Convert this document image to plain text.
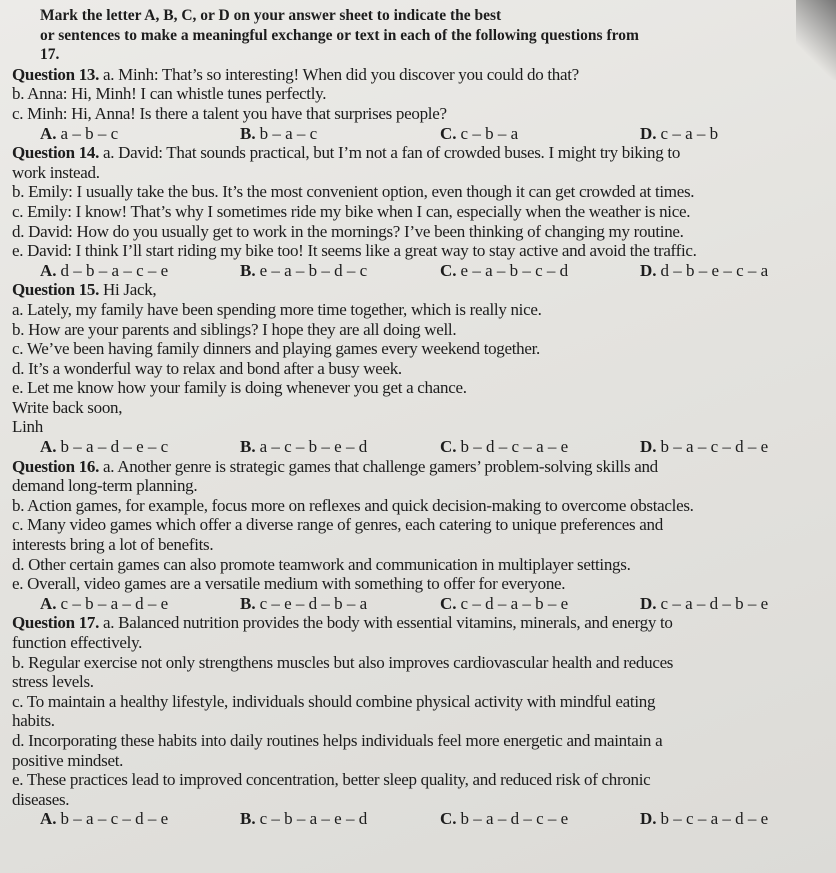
Mark the letter A, B, C, or D on your answer sheet to indicate the best
or sentences to make a meaningful exchange or text in each of the following questions from
17.
Question 13. a. Minh: That’s so interesting! When did you discover you could do that?
b. Anna: Hi, Minh! I can whistle tunes perfectly.
c. Minh: Hi, Anna! Is there a talent you have that surprises people?
A. a – b – c	B. b – a – c	C. c – b – a	D. c – a – b
Question 14. a. David: That sounds practical, but I’m not a fan of crowded buses. I might try biking to
work instead.
b. Emily: I usually take the bus. It’s the most convenient option, even though it can get crowded at times.
c. Emily: I know! That’s why I sometimes ride my bike when I can, especially when the weather is nice.
d. David: How do you usually get to work in the mornings? I’ve been thinking of changing my routine.
e. David: I think I’ll start riding my bike too! It seems like a great way to stay active and avoid the traffic.
A. d – b – a – c – e	B. e – a – b – d – c	C. e – a – b – c – d	D. d – b – e – c – a
Question 15. Hi Jack,
a. Lately, my family have been spending more time together, which is really nice.
b. How are your parents and siblings? I hope they are all doing well.
c. We’ve been having family dinners and playing games every weekend together.
d. It’s a wonderful way to relax and bond after a busy week.
e. Let me know how your family is doing whenever you get a chance.
Write back soon,
Linh
A. b – a – d – e – c	B. a – c – b – e – d	C. b – d – c – a – e	D. b – a – c – d – e
Question 16. a. Another genre is strategic games that challenge gamers’ problem-solving skills and
demand long-term planning.
b. Action games, for example, focus more on reflexes and quick decision-making to overcome obstacles.
c. Many video games which offer a diverse range of genres, each catering to unique preferences and
interests bring a lot of benefits.
d. Other certain games can also promote teamwork and communication in multiplayer settings.
e. Overall, video games are a versatile medium with something to offer for everyone.
A. c – b – a – d – e	B. c – e – d – b – a	C. c – d – a – b – e	D. c – a – d – b – e
Question 17. a. Balanced nutrition provides the body with essential vitamins, minerals, and energy to
function effectively.
b. Regular exercise not only strengthens muscles but also improves cardiovascular health and reduces
stress levels.
c. To maintain a healthy lifestyle, individuals should combine physical activity with mindful eating
habits.
d. Incorporating these habits into daily routines helps individuals feel more energetic and maintain a
positive mindset.
e. These practices lead to improved concentration, better sleep quality, and reduced risk of chronic
diseases.
A. b – a – c – d – e	B. c – b – a – e – d	C. b – a – d – c – e	D. b – c – a – d – e
